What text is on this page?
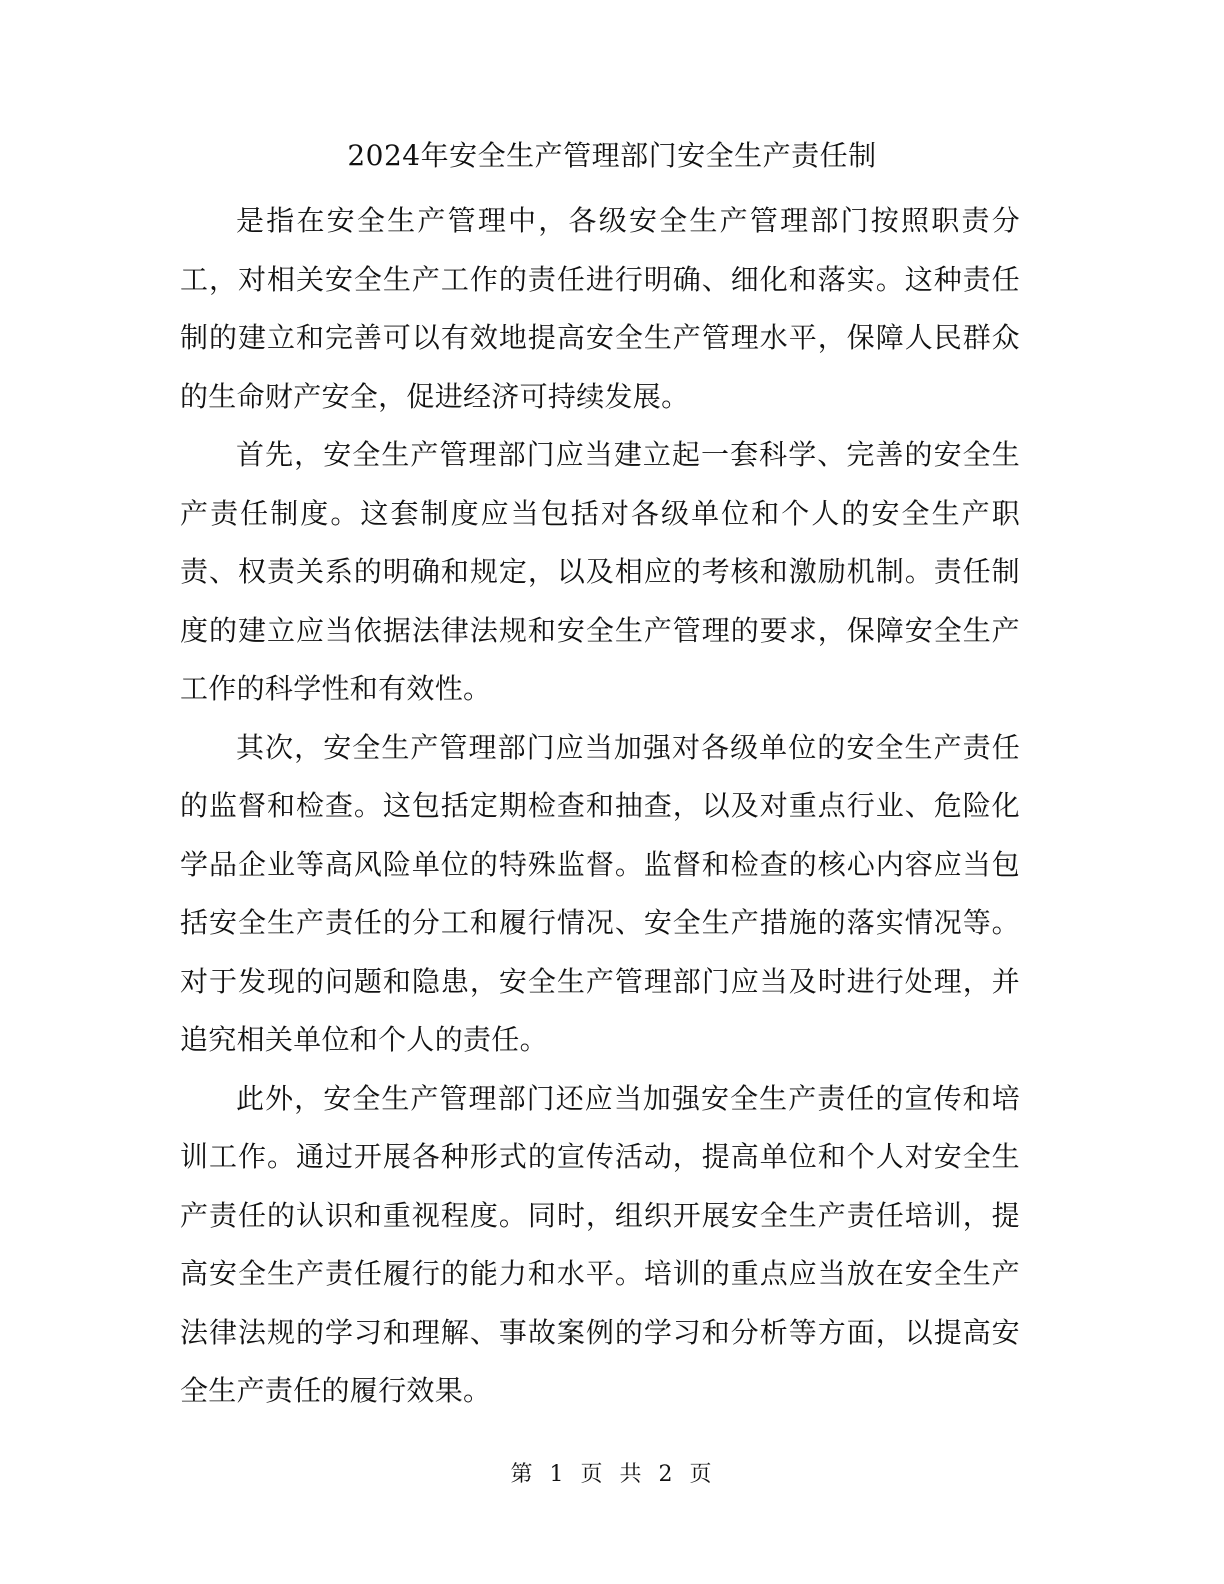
2024年安全生产管理部门安全生产责任制

是指在安全生产管理中，各级安全生产管理部门按照职责分工，对相关安全生产工作的责任进行明确、细化和落实。这种责任制的建立和完善可以有效地提高安全生产管理水平，保障人民群众的生命财产安全，促进经济可持续发展。

首先，安全生产管理部门应当建立起一套科学、完善的安全生产责任制度。这套制度应当包括对各级单位和个人的安全生产职责、权责关系的明确和规定，以及相应的考核和激励机制。责任制度的建立应当依据法律法规和安全生产管理的要求，保障安全生产工作的科学性和有效性。

其次，安全生产管理部门应当加强对各级单位的安全生产责任的监督和检查。这包括定期检查和抽查，以及对重点行业、危险化学品企业等高风险单位的特殊监督。监督和检查的核心内容应当包括安全生产责任的分工和履行情况、安全生产措施的落实情况等。对于发现的问题和隐患，安全生产管理部门应当及时进行处理，并追究相关单位和个人的责任。

此外，安全生产管理部门还应当加强安全生产责任的宣传和培训工作。通过开展各种形式的宣传活动，提高单位和个人对安全生产责任的认识和重视程度。同时，组织开展安全生产责任培训，提高安全生产责任履行的能力和水平。培训的重点应当放在安全生产法律法规的学习和理解、事故案例的学习和分析等方面，以提高安全生产责任的履行效果。

第 1 页 共 2 页
